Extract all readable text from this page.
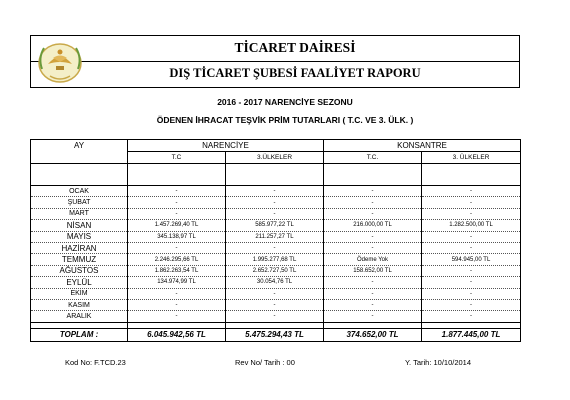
TİCARET DAİRESİ
DIŞ TİCARET ŞUBESİ FAALİYET RAPORU
2016 - 2017 NARENCİYE SEZONU
ÖDENEN İHRACAT TEŞVİK PRİM TUTARLARI ( T.C. VE 3. ÜLK. )
AY	NARENCİYE		KONSANTRE	
	T.C	3.ÜLKELER	T.C.	3. ÜLKELER

OCAK	-	-	-	-
ŞUBAT	-	-	-	-
MART	-	-	-	-
NİSAN	1.457.269,40 TL	585.977,22 TL	216.000,00 TL	1.282.500,00 TL
MAYIS	345.138,97 TL	211.257,27 TL	-	-
HAZİRAN	-	-	-	-
TEMMUZ	2.246.295,66 TL	1.995.277,68 TL	Ödeme Yok	594.945,00 TL
AĞUSTOS	1.862.263,54 TL	2.652.727,50 TL	158.652,00 TL	-
EYLÜL	134.974,99 TL	30.054,76 TL	-	-
EKİM	-	-	-	-
KASIM	-	-	-	-
ARALIK	-	-	-	-

TOPLAM :	6.045.942,56 TL	5.475.294,43 TL	374.652,00 TL	1.877.445,00 TL
Kod No: F.TCD.23	Rev No/ Tarih : 00	Y. Tarih: 10/10/2014
